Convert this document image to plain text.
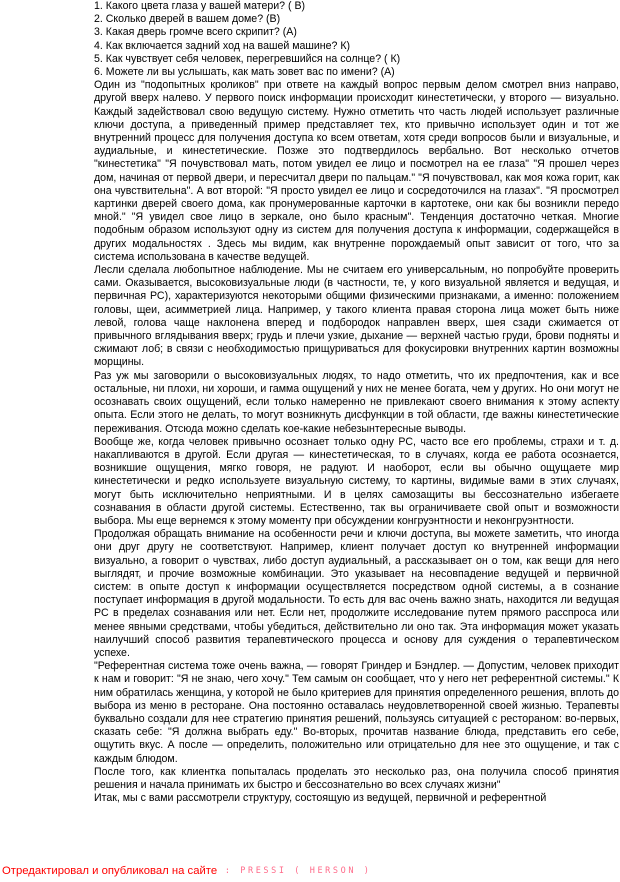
1. Какого цвета глаза у вашей матери? ( В)
2. Сколько дверей в вашем доме? (В)
3. Какая дверь громче всего скрипит? (А)
4. Как включается задний ход на вашей машине? К)
5. Как чувствует себя человек, перегревшийся на солнце? ( К)
6. Можете ли вы услышать, как мать зовет вас по имени? (А)

Один из "подопытных кроликов" при ответе на каждый вопрос первым делом смотрел вниз направо, другой вверх налево. У первого поиск информации происходит кинестетически, у второго — визуально. Каждый задействовал свою ведущую систему. Нужно отметить что часть людей использует различные ключи доступа, а приведенный пример представляет тех, кто привычно использует один и тот же внутренний процесс для получения доступа ко всем ответам, хотя среди вопросов были и визуальные, и аудиальные, и кинестетические. Позже это подтвердилось вербально. Вот несколько отчетов "кинестетика" "Я почувствовал мать, потом увидел ее лицо и посмотрел на ее глаза" "Я прошел через дом, начиная от первой двери, и пересчитал двери по пальцам." "Я почувствовал, как моя кожа горит, как она чувствительна". А вот второй: "Я просто увидел ее лицо и сосредоточился на глазах". "Я просмотрел картинки дверей своего дома, как пронумерованные карточки в картотеке, они как бы возникли передо мной." "Я увидел свое лицо в зеркале, оно было красным". Тенденция достаточно четкая. Многие подобным образом используют одну из систем для получения доступа к информации, содержащейся в других модальностях . Здесь мы видим, как внутренне порождаемый опыт зависит от того, что за система использована в качестве ведущей.

Лесли сделала любопытное наблюдение. Мы не считаем его универсальным, но попробуйте проверить сами. Оказывается, высоковизуальные люди (в частности, те, у кого визуальной является и ведущая, и первичная РС), характеризуются некоторыми общими физическими признаками, а именно: положением головы, щеи, асимметрией лица. Например, у такого клиента правая сторона лица может быть ниже левой, голова чаще наклонена вперед и подбородок направлен вверх, шея сзади сжимается от привычного вглядывания вверх; грудь и плечи узкие, дыхание — верхней частью груди, брови подняты и сжимают лоб; в связи с необходимостью прищуриваться для фокусировки внутренних картин возможны морщины.

Раз уж мы заговорили о высоковизуальных людях, то надо отметить, что их предпочтения, как и все остальные, ни плохи, ни хороши, и гамма ощущений у них не менее богата, чем у других. Но они могут не осознавать своих ощущений, если только намеренно не привлекают своего внимания к этому аспекту опыта. Если этого не делать, то могут возникнуть дисфункции в той области, где важны кинестетические переживания. Отсюда можно сделать кое-какие небезынтересные выводы.

Вообще же, когда человек привычно осознает только одну РС, часто все его проблемы, страхи и т. д. накапливаются в другой. Если другая — кинестетическая, то в случаях, когда ее работа осознается, возникшие ощущения, мягко говоря, не радуют. И наоборот, если вы обычно ощущаете мир кинестетически и редко используете визуальную систему, то картины, видимые вами в этих случаях, могут быть исключительно неприятными. И в целях самозащиты вы бессознательно избегаете сознавания в области другой системы. Естественно, так вы ограничиваете свой опыт и возможности выбора. Мы еще вернемся к этому моменту при обсуждении конгруэнтности и неконгруэнтности.

Продолжая обращать внимание на особенности речи и ключи доступа, вы можете заметить, что иногда они друг другу не соответствуют. Например, клиент получает доступ ко внутренней информации визуально, а говорит о чувствах, либо доступ аудиальный, а рассказывает он о том, как вещи для него выглядят, и прочие возможные комбинации. Это указывает на несовпадение ведущей и первичной систем: в опыте доступ к информации осуществляется посредством одной системы, а в сознание поступает информация в другой модальности. То есть для вас очень важно знать, находится ли ведущая РС в пределах сознавания или нет. Если нет, продолжите исследование путем прямого расспроса или менее явными средствами, чтобы убедиться, действительно ли оно так. Эта информация может указать наилучший способ развития терапевтического процесса и основу для суждения о терапевтическом успехе.

"Референтная система тоже очень важна, — говорят Гриндер и Бэндлер. — Допустим, человек приходит к нам и говорит: "Я не знаю, чего хочу." Тем самым он сообщает, что у него нет референтной системы." К ним обратилась женщина, у которой не было критериев для принятия определенного решения, вплоть до выбора из меню в ресторане. Она постоянно оставалась неудовлетворенной своей жизнью. Терапевты буквально создали для нее стратегию принятия решений, пользуясь ситуацией с рестораном: во-первых, сказать себе: "Я должна выбрать еду." Во-вторых, прочитав название блюда, представить его себе, ощутить вкус. А после — определить, положительно или отрицательно для нее это ощущение, и так с каждым блюдом.

После того, как клиентка попыталась проделать это несколько раз, она получила способ принятия решения и начала принимать их быстро и бессознательно во всех случаях жизни"

Итак, мы с вами рассмотрели структуру, состоящую из ведущей, первичной и референтной

Отредактировал и опубликовал на сайте : PRESSI ( HERSON )
